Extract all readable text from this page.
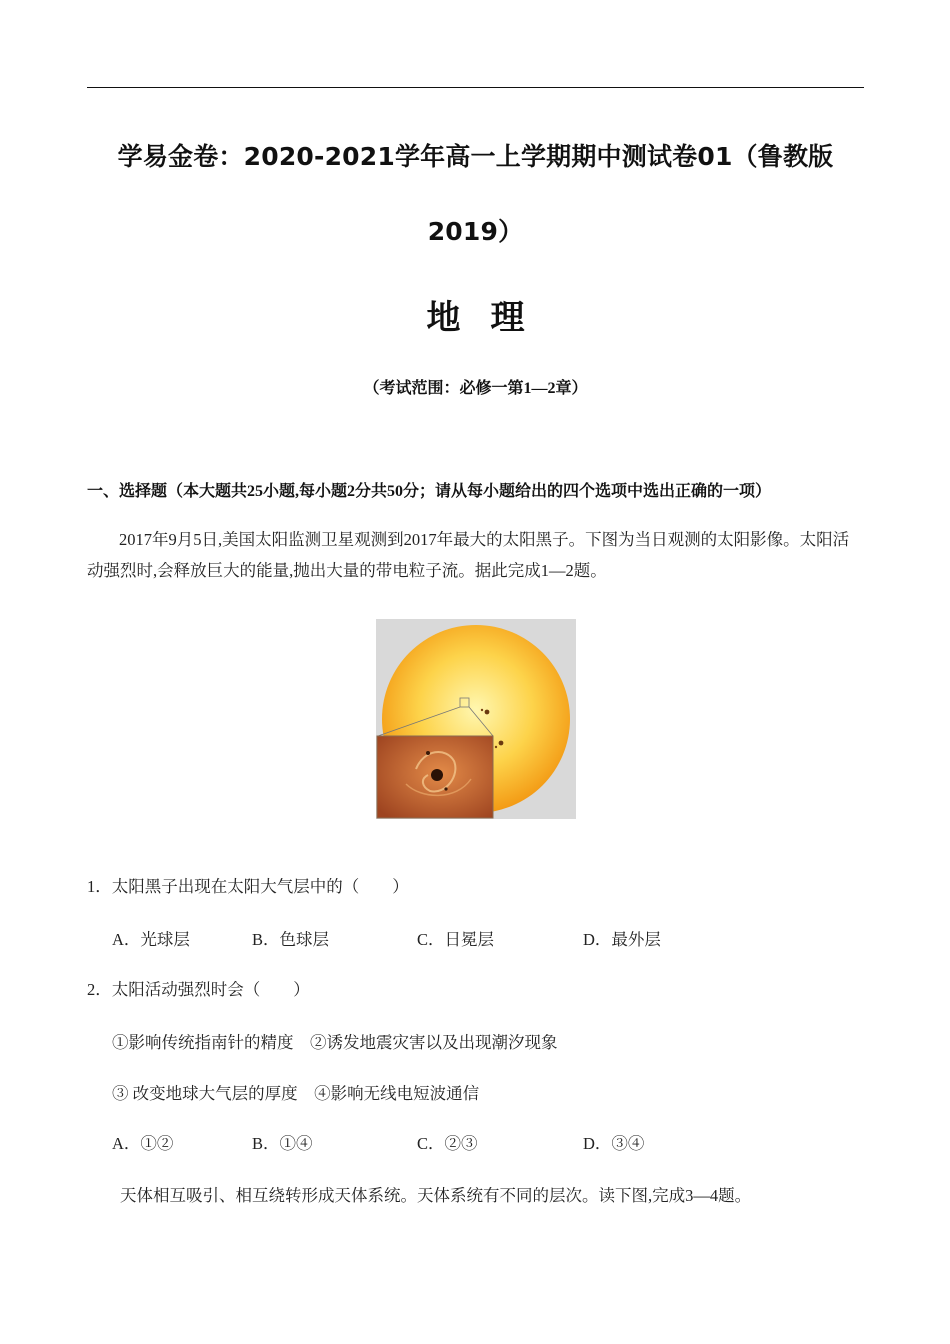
学易金卷：2020-2021学年高一上学期期中测试卷01（鲁教版
2019）
地理
（考试范围：必修一第1—2章）
一、选择题（本大题共25小题,每小题2分共50分；请从每小题给出的四个选项中选出正确的一项）
2017年9月5日,美国太阳监测卫星观测到2017年最大的太阳黑子。下图为当日观测的太阳影像。太阳活动强烈时,会释放巨大的能量,抛出大量的带电粒子流。据此完成1—2题。
1．太阳黑子出现在太阳大气层中的（　　）
A．光球层	B．色球层	C．日冕层	D．最外层
2．太阳活动强烈时会（　　）
①影响传统指南针的精度　②诱发地震灾害以及出现潮汐现象
③ 改变地球大气层的厚度　④影响无线电短波通信
A．①②	B．①④	C．②③	D．③④
天体相互吸引、相互绕转形成天体系统。天体系统有不同的层次。读下图,完成3—4题。
